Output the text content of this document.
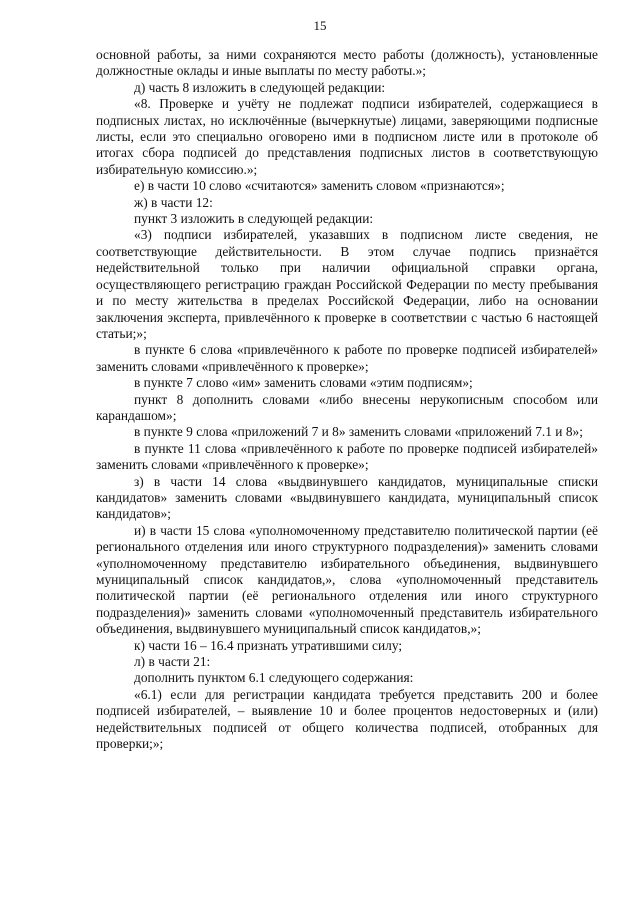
15

основной работы, за ними сохраняются место работы (должность), установленные должностные оклады и иные выплаты по месту работы.»;

д) часть 8 изложить в следующей редакции:

«8. Проверке и учёту не подлежат подписи избирателей, содержащиеся в подписных листах, но исключённые (вычеркнутые) лицами, заверяющими подписные листы, если это специально оговорено ими в подписном листе или в протоколе об итогах сбора подписей до представления подписных листов в соответствующую избирательную комиссию.»;

е) в части 10 слово «считаются» заменить словом «признаются»;

ж) в части 12:

пункт 3 изложить в следующей редакции:

«3) подписи избирателей, указавших в подписном листе сведения, не соответствующие действительности. В этом случае подпись признаётся недействительной только при наличии официальной справки органа, осуществляющего регистрацию граждан Российской Федерации по месту пребывания и по месту жительства в пределах Российской Федерации, либо на основании заключения эксперта, привлечённого к проверке в соответствии с частью 6 настоящей статьи;»;

в пункте 6 слова «привлечённого к работе по проверке подписей избирателей» заменить словами «привлечённого к проверке»;

в пункте 7 слово «им» заменить словами «этим подписям»;

пункт 8 дополнить словами «либо внесены нерукописным способом или карандашом»;

в пункте 9 слова «приложений 7 и 8» заменить словами «приложений 7.1 и 8»;

в пункте 11 слова «привлечённого к работе по проверке подписей избирателей» заменить словами «привлечённого к проверке»;

з) в части 14 слова «выдвинувшего кандидатов, муниципальные списки кандидатов» заменить словами «выдвинувшего кандидата, муниципальный список кандидатов»;

и) в части 15 слова «уполномоченному представителю политической партии (её регионального отделения или иного структурного подразделения)» заменить словами «уполномоченному представителю избирательного объединения, выдвинувшего муниципальный список кандидатов,», слова «уполномоченный представитель политической партии (её регионального отделения или иного структурного подразделения)» заменить словами «уполномоченный представитель избирательного объединения, выдвинувшего муниципальный список кандидатов,»;

к) части 16 – 16.4 признать утратившими силу;

л) в части 21:

дополнить пунктом 6.1 следующего содержания:

«6.1) если для регистрации кандидата требуется представить 200 и более подписей избирателей, – выявление 10 и более процентов недостоверных и (или) недействительных подписей от общего количества подписей, отобранных для проверки;»;
